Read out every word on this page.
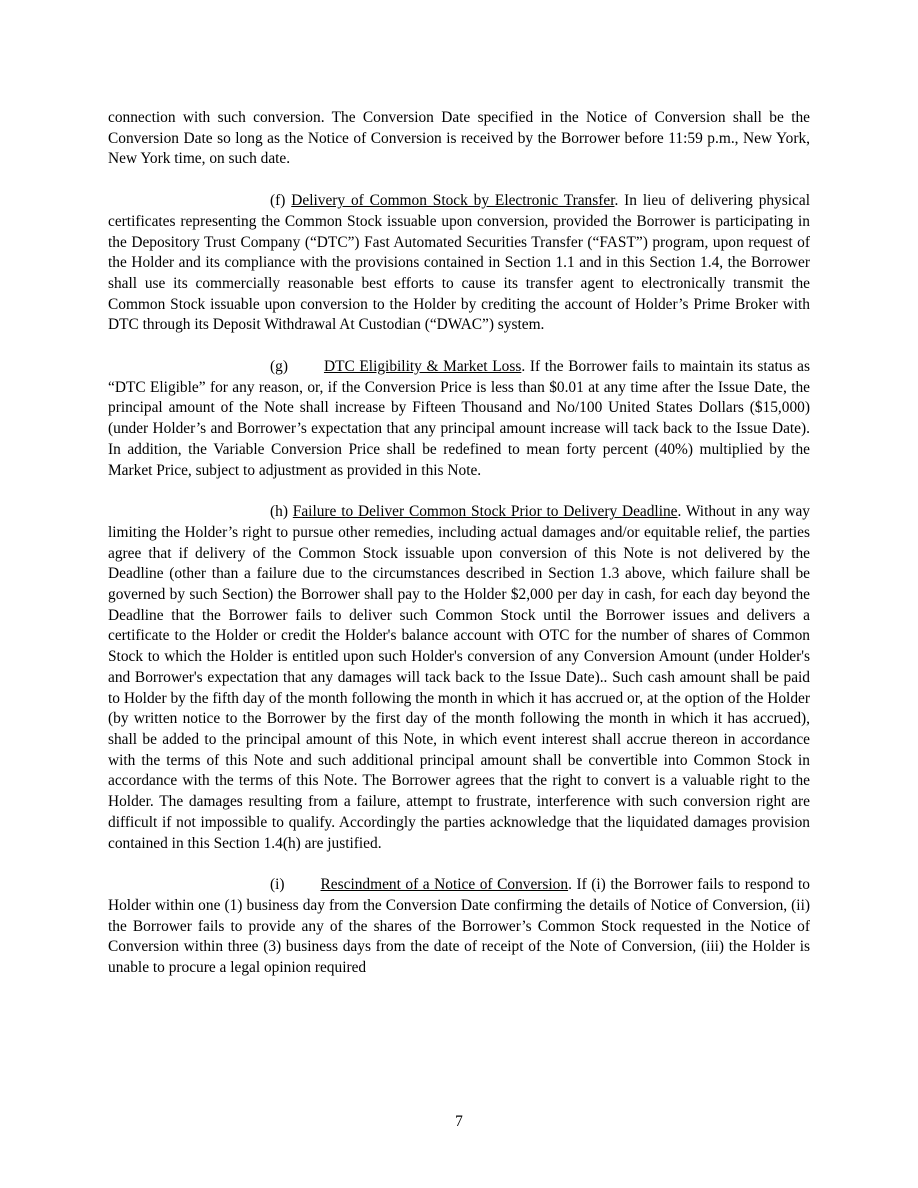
connection with such conversion. The Conversion Date specified in the Notice of Conversion shall be the Conversion Date so long as the Notice of Conversion is received by the Borrower before 11:59 p.m., New York, New York time, on such date.

(f) Delivery of Common Stock by Electronic Transfer. In lieu of delivering physical certificates representing the Common Stock issuable upon conversion, provided the Borrower is participating in the Depository Trust Company (“DTC”) Fast Automated Securities Transfer (“FAST”) program, upon request of the Holder and its compliance with the provisions contained in Section 1.1 and in this Section 1.4, the Borrower shall use its commercially reasonable best efforts to cause its transfer agent to electronically transmit the Common Stock issuable upon conversion to the Holder by crediting the account of Holder’s Prime Broker with DTC through its Deposit Withdrawal At Custodian (“DWAC”) system.

(g) DTC Eligibility & Market Loss. If the Borrower fails to maintain its status as “DTC Eligible” for any reason, or, if the Conversion Price is less than $0.01 at any time after the Issue Date, the principal amount of the Note shall increase by Fifteen Thousand and No/100 United States Dollars ($15,000) (under Holder’s and Borrower’s expectation that any principal amount increase will tack back to the Issue Date). In addition, the Variable Conversion Price shall be redefined to mean forty percent (40%) multiplied by the Market Price, subject to adjustment as provided in this Note.

(h) Failure to Deliver Common Stock Prior to Delivery Deadline. Without in any way limiting the Holder’s right to pursue other remedies, including actual damages and/or equitable relief, the parties agree that if delivery of the Common Stock issuable upon conversion of this Note is not delivered by the Deadline (other than a failure due to the circumstances described in Section 1.3 above, which failure shall be governed by such Section) the Borrower shall pay to the Holder $2,000 per day in cash, for each day beyond the Deadline that the Borrower fails to deliver such Common Stock until the Borrower issues and delivers a certificate to the Holder or credit the Holder's balance account with OTC for the number of shares of Common Stock to which the Holder is entitled upon such Holder's conversion of any Conversion Amount (under Holder's and Borrower's expectation that any damages will tack back to the Issue Date).. Such cash amount shall be paid to Holder by the fifth day of the month following the month in which it has accrued or, at the option of the Holder (by written notice to the Borrower by the first day of the month following the month in which it has accrued), shall be added to the principal amount of this Note, in which event interest shall accrue thereon in accordance with the terms of this Note and such additional principal amount shall be convertible into Common Stock in accordance with the terms of this Note. The Borrower agrees that the right to convert is a valuable right to the Holder. The damages resulting from a failure, attempt to frustrate, interference with such conversion right are difficult if not impossible to qualify. Accordingly the parties acknowledge that the liquidated damages provision contained in this Section 1.4(h) are justified.

(i) Rescindment of a Notice of Conversion. If (i) the Borrower fails to respond to Holder within one (1) business day from the Conversion Date confirming the details of Notice of Conversion, (ii) the Borrower fails to provide any of the shares of the Borrower’s Common Stock requested in the Notice of Conversion within three (3) business days from the date of receipt of the Note of Conversion, (iii) the Holder is unable to procure a legal opinion required

7
